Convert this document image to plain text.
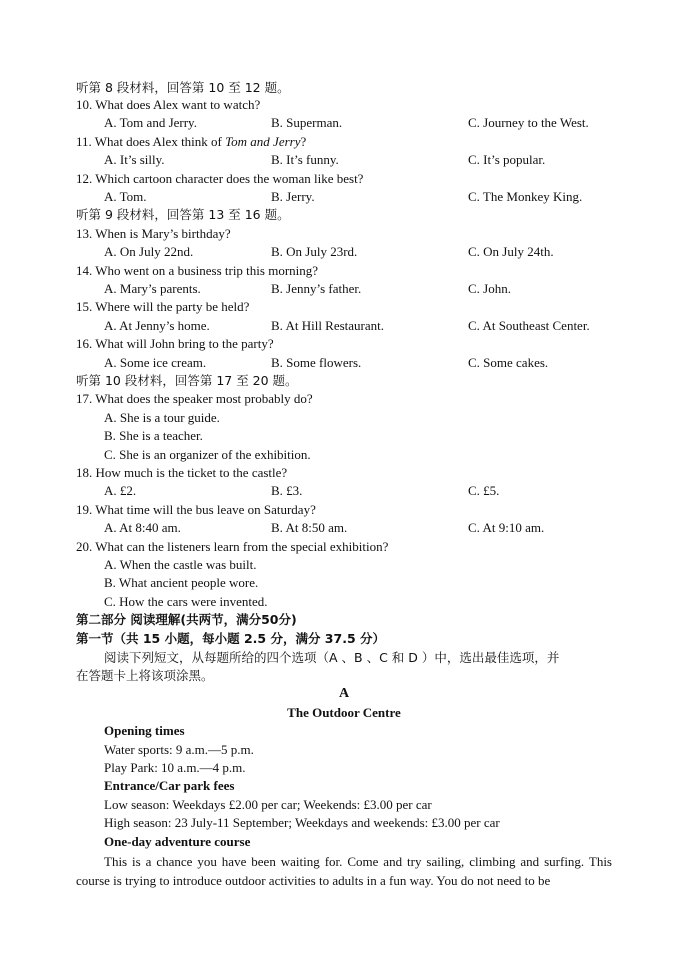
听第 8 段材料，回答第 10 至 12 题。
10. What does Alex want to watch?
A. Tom and Jerry.	B. Superman.	C. Journey to the West.
11. What does Alex think of Tom and Jerry?
A. It’s silly.	B. It’s funny.	C. It’s popular.
12. Which cartoon character does the woman like best?
A. Tom.	B. Jerry.	C. The Monkey King.
听第 9 段材料，回答第 13 至 16 题。
13. When is Mary’s birthday?
A. On July 22nd.	B. On July 23rd.	C. On July 24th.
14. Who went on a business trip this morning?
A. Mary’s parents.	B. Jenny’s father.	C. John.
15. Where will the party be held?
A. At Jenny’s home.	B. At Hill Restaurant.	C. At Southeast Center.
16. What will John bring to the party?
A. Some ice cream.	B. Some flowers.	C. Some cakes.
听第 10 段材料，回答第 17 至 20 题。
17. What does the speaker most probably do?
A. She is a tour guide.
B. She is a teacher.
C. She is an organizer of the exhibition.
18. How much is the ticket to the castle?
A. £2.	B. £3.	C. £5.
19. What time will the bus leave on Saturday?
A. At 8:40 am.	B. At 8:50 am.	C. At 9:10 am.
20. What can the listeners learn from the special exhibition?
A. When the castle was built.
B. What ancient people wore.
C. How the cars were invented.
第二部分 阅读理解(共两节，满分50分)
第一节（共 15 小题，每小题 2.5 分，满分 37.5 分）
阅读下列短文，从每题所给的四个选项（A 、B 、C 和 D ）中，选出最佳选项，并
在答题卡上将该项涂黑。
A
The Outdoor Centre
Opening times
Water sports: 9 a.m.—5 p.m.
Play Park: 10 a.m.—4 p.m.
Entrance/Car park fees
Low season: Weekdays £2.00 per car; Weekends: £3.00 per car
High season: 23 July-11 September; Weekdays and weekends: £3.00 per car
One-day adventure course
This is a chance you have been waiting for. Come and try sailing, climbing and surfing. This course is trying to introduce outdoor activities to adults in a fun way. You do not need to be
